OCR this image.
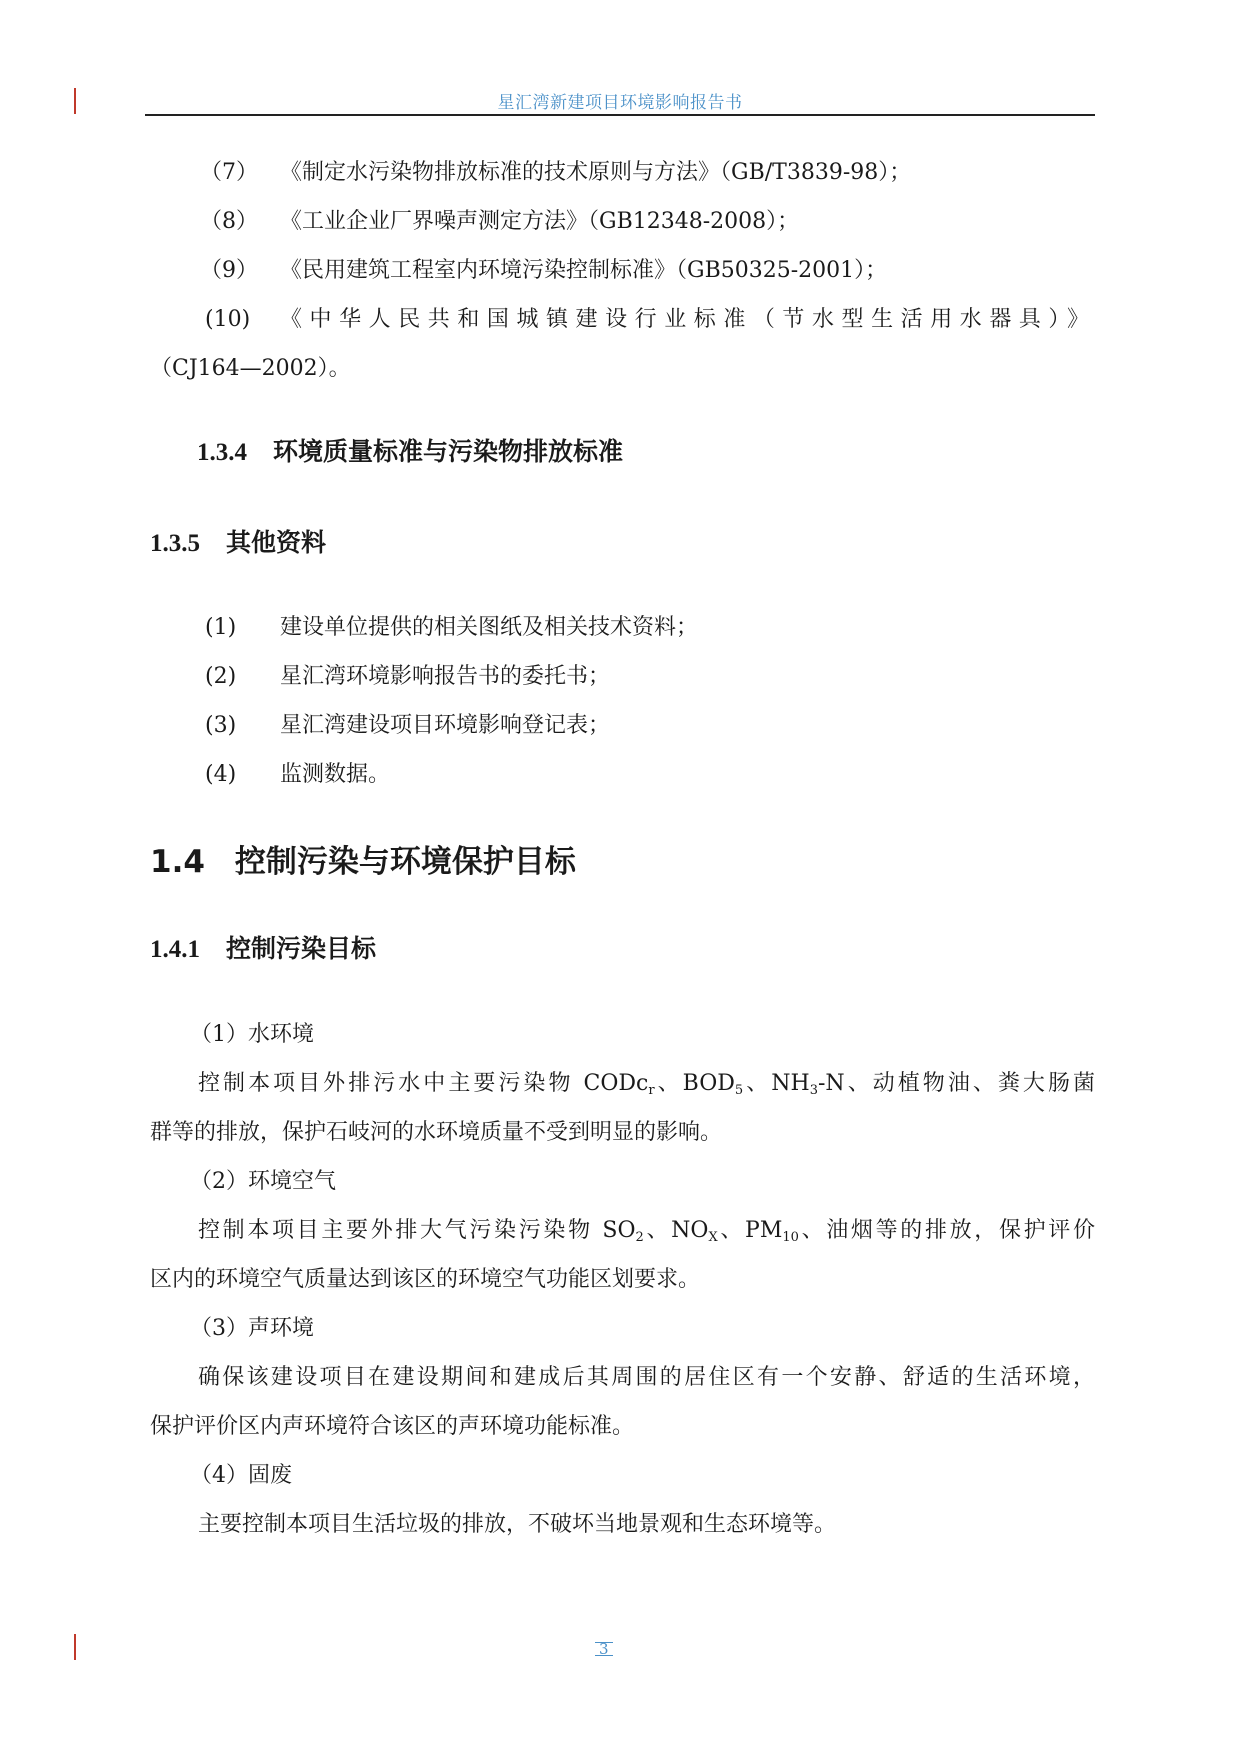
星汇湾新建项目环境影响报告书
（7） 《制定水污染物排放标准的技术原则与方法》（GB/T3839-98）；
（8） 《工业企业厂界噪声测定方法》（GB12348-2008）；
（9） 《民用建筑工程室内环境污染控制标准》（GB50325-2001）；
(10) 《中华人民共和国城镇建设行业标准（节水型生活用水器具）》
（CJ164—2002）。
1.3.4 环境质量标准与污染物排放标准
1.3.5 其他资料
(1) 建设单位提供的相关图纸及相关技术资料；
(2) 星汇湾环境影响报告书的委托书；
(3) 星汇湾建设项目环境影响登记表；
(4) 监测数据。
1.4 控制污染与环境保护目标
1.4.1 控制污染目标
（1）水环境
控制本项目外排污水中主要污染物 CODc$_r$、$BOD_5$、$NH_3-N$、动植物油、粪大肠菌
群等的排放，保护石岐河的水环境质量不受到明显的影响。
（2）环境空气
控制本项目主要外排大气污染污染物 $SO_2$、$NO_X$、$PM_{10}$、油烟等的排放，保护评价
区内的环境空气质量达到该区的环境空气功能区划要求。
（3）声环境
确保该建设项目在建设期间和建成后其周围的居住区有一个安静、舒适的生活环境，
保护评价区内声环境符合该区的声环境功能标准。
（4）固废
主要控制本项目生活垃圾的排放，不破坏当地景观和生态环境等。
3
